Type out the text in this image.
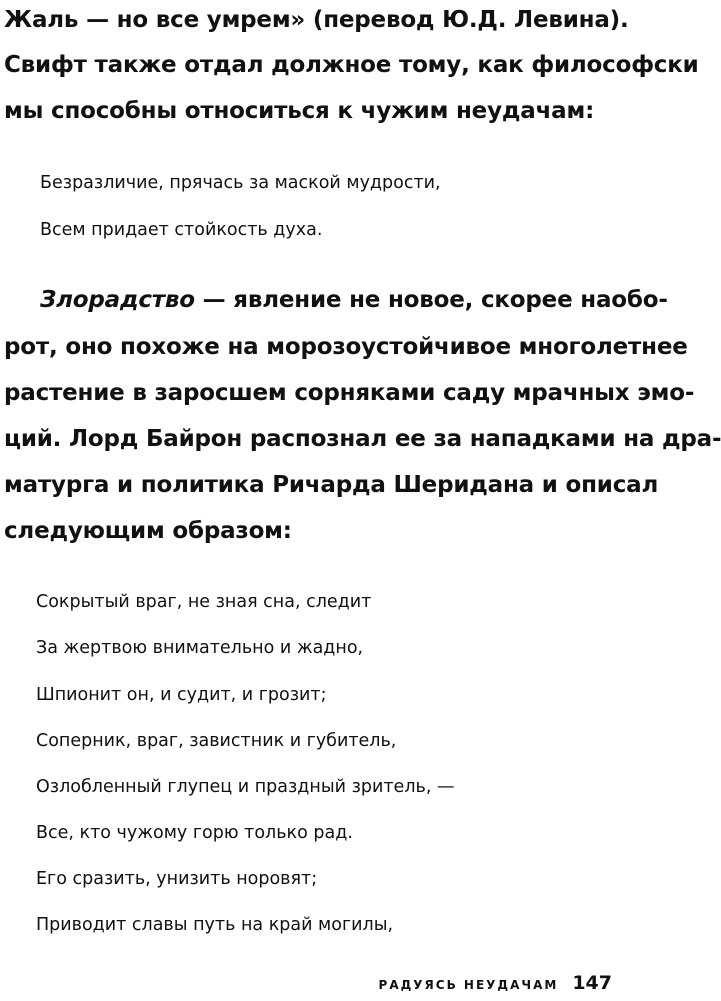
Жаль — но все умрем» (перевод Ю.Д. Левина).
Свифт также отдал должное тому, как философски
мы способны относиться к чужим неудачам:
Безразличие, прячась за маской мудрости,
Всем придает стойкость духа.
Злорадство — явление не новое, скорее наобо-
рот, оно похоже на морозоустойчивое многолетнее
растение в заросшем сорняками саду мрачных эмо-
ций. Лорд Байрон распознал ее за нападками на дра-
матурга и политика Ричарда Шеридана и описал
следующим образом:
Сокрытый враг, не зная сна, следит
За жертвою внимательно и жадно,
Шпионит он, и судит, и грозит;
Соперник, враг, завистник и губитель,
Озлобленный глупец и праздный зритель, —
Все, кто чужому горю только рад.
Его сразить, унизить норовят;
Приводит славы путь на край могилы,
РАДУЯСЬ НЕУДАЧАМ 147
